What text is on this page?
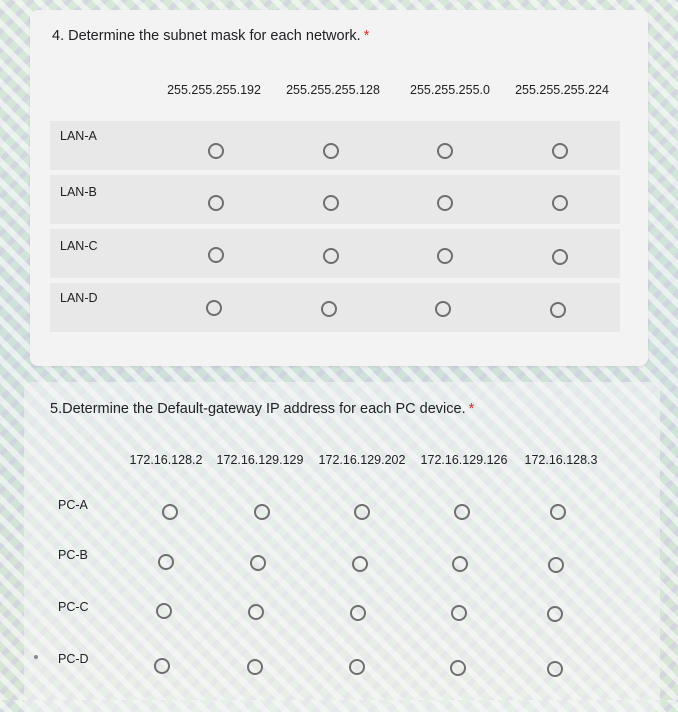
4. Determine the subnet mask for each network. *
255.255.255.192	255.255.255.128	255.255.255.0	255.255.255.224
LAN-A
LAN-B
LAN-C
LAN-D
5.Determine the Default-gateway IP address for each PC device. *
172.16.128.2	172.16.129.129	172.16.129.202	172.16.129.126	172.16.128.3
PC-A
PC-B
PC-C
PC-D
